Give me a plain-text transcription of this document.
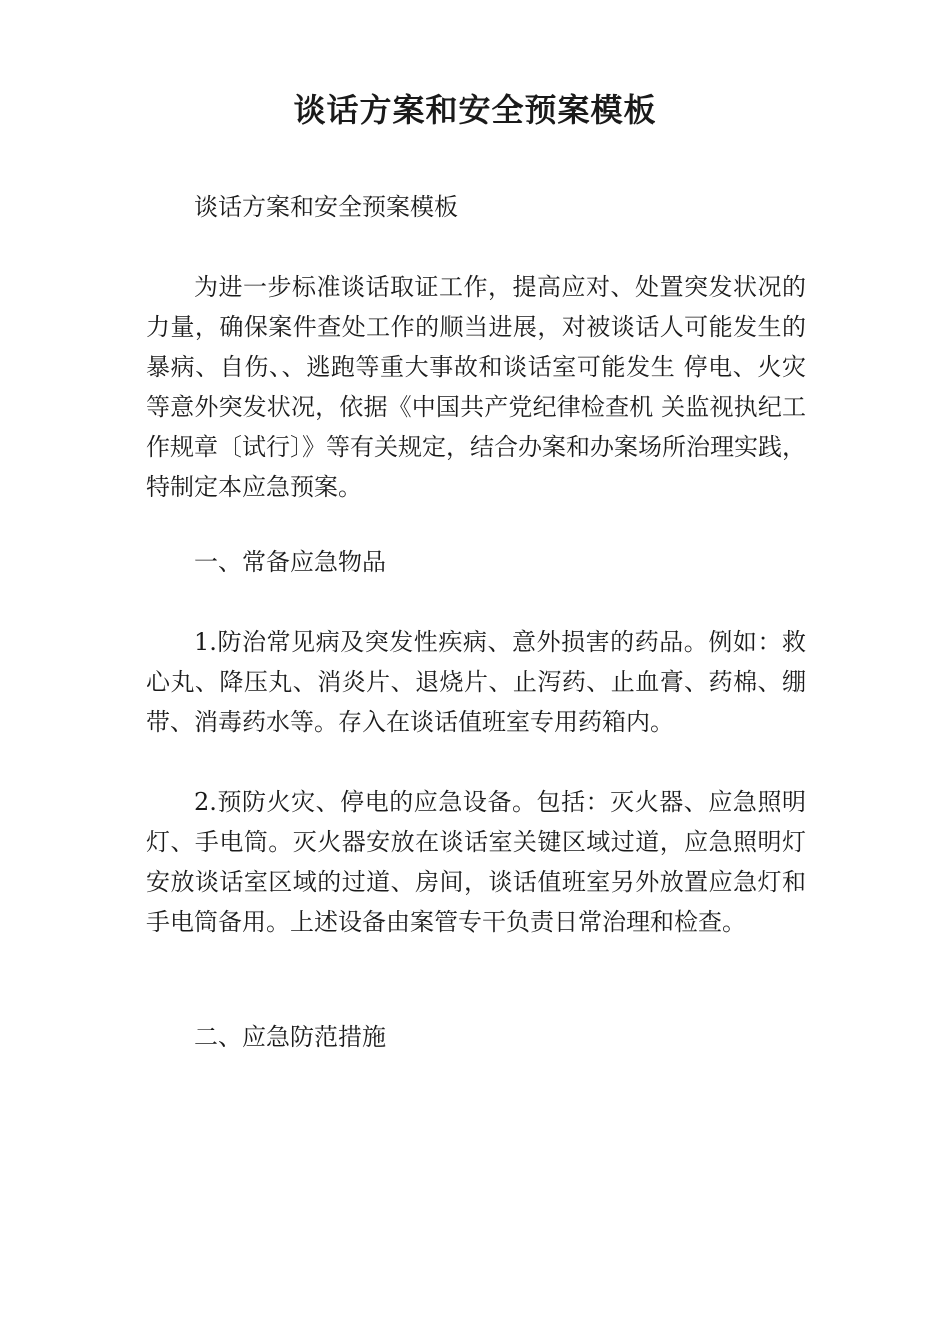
谈话方案和安全预案模板

谈话方案和安全预案模板

为进一步标准谈话取证工作，提高应对、处置突发状况的力量，确保案件查处工作的顺当进展，对被谈话人可能发生的暴病、自伤、、逃跑等重大事故和谈话室可能发生 停电、火灾等意外突发状况，依据《中国共产党纪律检查机 关监视执纪工作规章〔试行〕》等有关规定，结合办案和办案场所治理实践，特制定本应急预案。

一、常备应急物品

1.防治常见病及突发性疾病、意外损害的药品。例如：救心丸、降压丸、消炎片、退烧片、止泻药、止血膏、药棉、绷带、消毒药水等。存入在谈话值班室专用药箱内。

2.预防火灾、停电的应急设备。包括：灭火器、应急照明灯、手电筒。灭火器安放在谈话室关键区域过道，应急照明灯安放谈话室区域的过道、房间，谈话值班室另外放置应急灯和手电筒备用。上述设备由案管专干负责日常治理和检查。

二、应急防范措施
